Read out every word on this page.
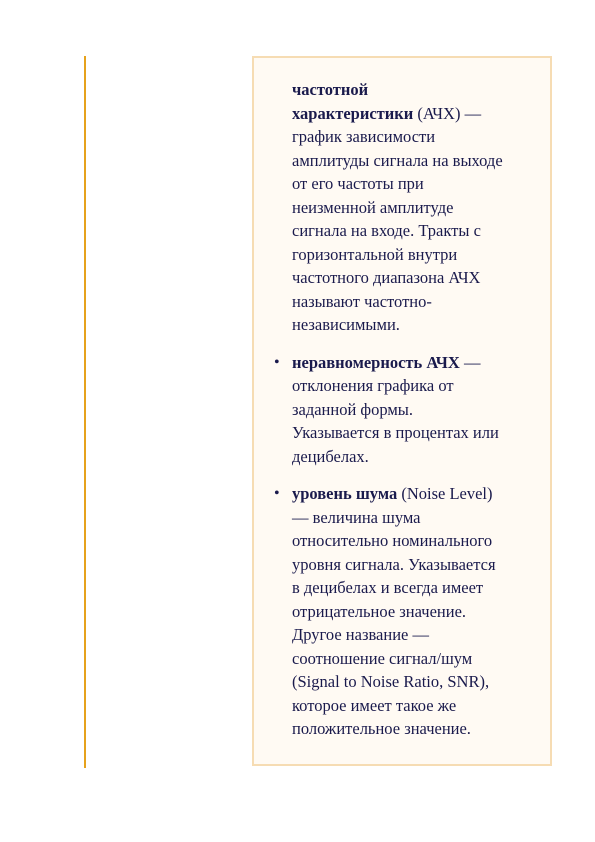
частотной
характеристики (АЧХ) —
график зависимости
амплитуды сигнала на выходе
от его частоты при
неизменной амплитуде
сигнала на входе. Тракты с
горизонтальной внутри
частотного диапазона АЧХ
называют частотно-
независимыми.
• неравномерность АЧХ —
отклонения графика от
заданной формы.
Указывается в процентах или
децибелах.
• уровень шума (Noise Level)
— величина шума
относительно номинального
уровня сигнала. Указывается
в децибелах и всегда имеет
отрицательное значение.
Другое название —
соотношение сигнал/шум
(Signal to Noise Ratio, SNR),
которое имеет такое же
положительное значение.
